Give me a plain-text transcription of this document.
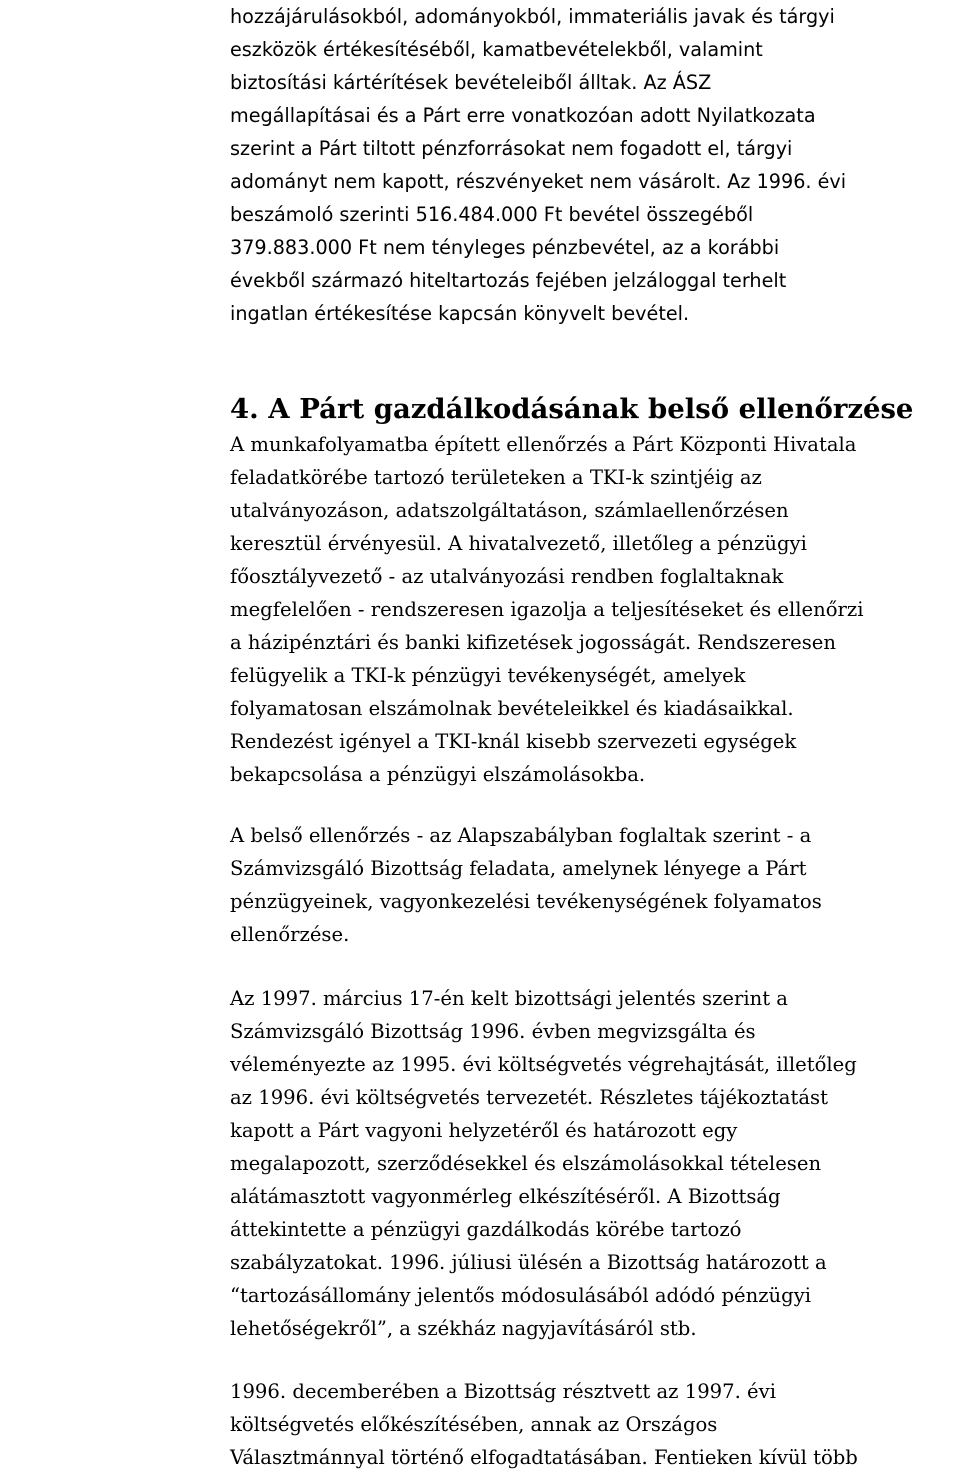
hozzájárulásokból, adományokból, immateriális javak és tárgyi
eszközök értékesítéséből, kamatbevételekből, valamint
biztosítási kártérítések bevételeiből álltak. Az ÁSZ
megállapításai és a Párt erre vonatkozóan adott Nyilatkozata
szerint a Párt tiltott pénzforrásokat nem fogadott el, tárgyi
adományt nem kapott, részvényeket nem vásárolt. Az 1996. évi
beszámoló szerinti 516.484.000 Ft bevétel összegéből
379.883.000 Ft nem tényleges pénzbevétel, az a korábbi
évekből származó hiteltartozás fejében jelzáloggal terhelt
ingatlan értékesítése kapcsán könyvelt bevétel.
4. A Párt gazdálkodásának belső ellenőrzése
A munkafolyamatba épített ellenőrzés a Párt Központi Hivatala
feladatkörébe tartozó területeken a TKI-k szintjéig az
utalványozáson, adatszolgáltatáson, számlaellenőrzésen
keresztül érvényesül. A hivatalvezető, illetőleg a pénzügyi
főosztályvezető - az utalványozási rendben foglaltaknak
megfelelően - rendszeresen igazolja a teljesítéseket és ellenőrzi
a házipénztári és banki kifizetések jogosságát. Rendszeresen
felügyelik a TKI-k pénzügyi tevékenységét, amelyek
folyamatosan elszámolnak bevételeikkel és kiadásaikkal.
Rendezést igényel a TKI-knál kisebb szervezeti egységek
bekapcsolása a pénzügyi elszámolásokba.
A belső ellenőrzés - az Alapszabályban foglaltak szerint - a
Számvizsgáló Bizottság feladata, amelynek lényege a Párt
pénzügyeinek, vagyonkezelési tevékenységének folyamatos
ellenőrzése.
Az 1997. március 17-én kelt bizottsági jelentés szerint a
Számvizsgáló Bizottság 1996. évben megvizsgálta és
véleményezte az 1995. évi költségvetés végrehajtását, illetőleg
az 1996. évi költségvetés tervezetét. Részletes tájékoztatást
kapott a Párt vagyoni helyzetéről és határozott egy
megalapozott, szerződésekkel és elszámolásokkal tételesen
alátámasztott vagyonmérleg elkészítéséről. A Bizottság
áttekintette a pénzügyi gazdálkodás körébe tartozó
szabályzatokat. 1996. júliusi ülésén a Bizottság határozott a
“tartozásállomány jelentős módosulásából adódó pénzügyi
lehetőségekről”, a székház nagyjavításáról stb.
1996. decemberében a Bizottság résztvett az 1997. évi
költségvetés előkészítésében, annak az Országos
Választmánnyal történő elfogadtatásában. Fentieken kívül több
